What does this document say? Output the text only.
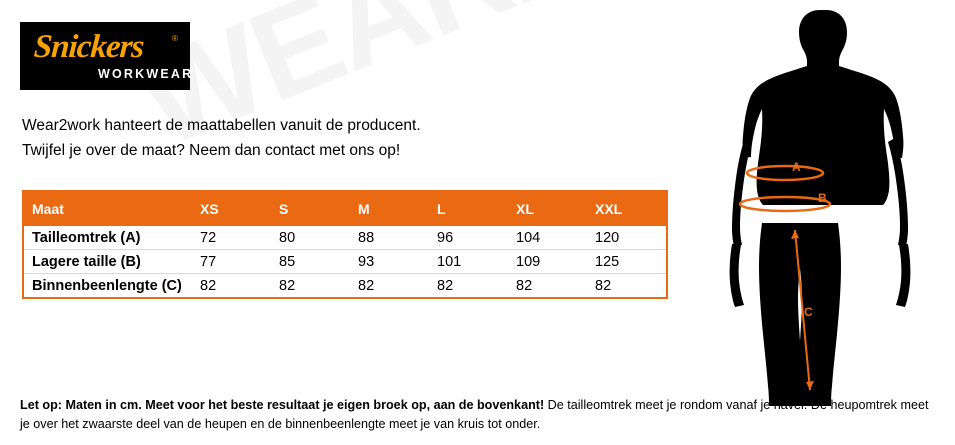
Snickers	®
WORKWEAR
Wear2work hanteert de maattabellen vanuit de producent.
Twijfel je over de maat? Neem dan contact met ons op!
Maat	XS	S	M	L	XL	XXL
Tailleomtrek (A)	72	80	88	96	104	120
Lagere taille (B)	77	85	93	101	109	125
Binnenbeenlengte (C)	82	82	82	82	82	82
A
B
C
Let op: Maten in cm. Meet voor het beste resultaat je eigen broek op, aan de bovenkant! De tailleomtrek meet je rondom vanaf je navel. De heupomtrek meet je over het zwaarste deel van de heupen en de binnenbeenlengte meet je van kruis tot onder.
